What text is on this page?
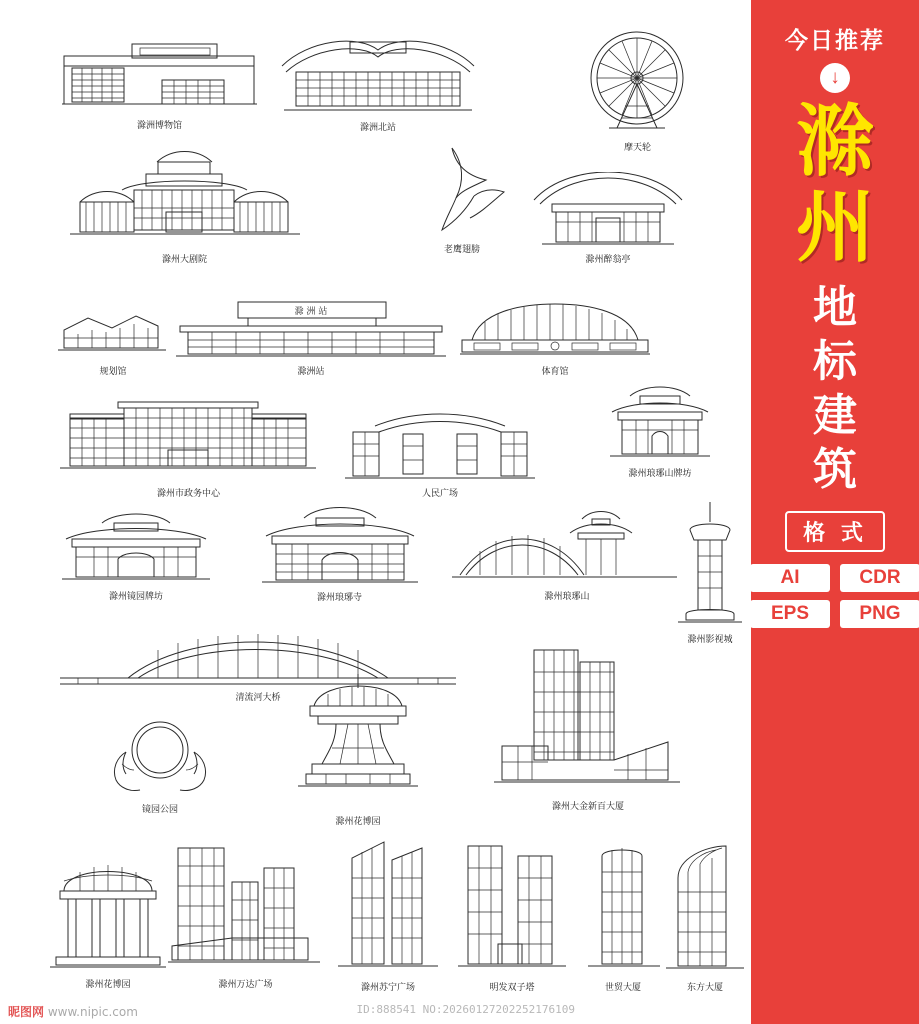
滁洲博物馆	滁洲北站
摩天轮
滁州大剧院
老鹰翅膀
滁州醉翁亭
规划馆
滁 洲 站
滁洲站	体育馆
滁州琅琊山牌坊
滁州市政务中心	人民广场
滁州镜园牌坊	滁州琅琊寺	滁州琅琊山
滁州影视城
清流河大桥
镜园公园
滁州花博园
滁州大金新百大厦
滁州花博园	滁州万达广场	滁州苏宁广场	明发双子塔	世贸大厦	东方大厦
昵图网 www.nipic.com	ID:888541 NO:20260127202252176109
今日推荐
↓
滁
州
地
标
建
筑
格 式
AI	CDR
EPS	PNG
